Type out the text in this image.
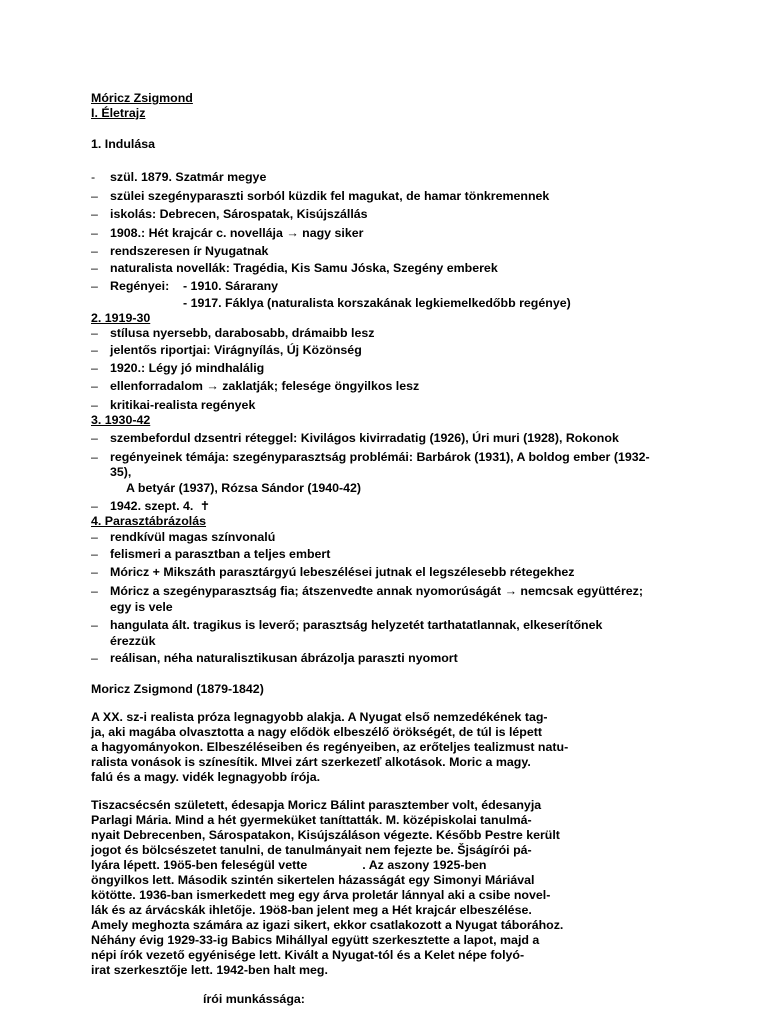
Móricz Zsigmond
I. Életrajz
1. Indulása
- szül. 1879. Szatmár megye
– szülei szegényparaszti sorból küzdik fel magukat, de hamar tönkremennek
– iskolás: Debrecen, Sárospatak, Kisújszállás
– 1908.: Hét krajcár c. novellája → nagy siker
– rendszeresen ír Nyugatnak
– naturalista novellák: Tragédia, Kis Samu Jóska, Szegény emberek
– Regényei:    - 1910. Sárarany
- 1917. Fáklya (naturalista korszakának legkiemelkedőbb regénye)
2. 1919-30
– stílusa nyersebb, darabosabb, drámaibb lesz
– jelentős riportjai: Virágnyílás, Új Közönség
– 1920.: Légy jó mindhalálig
– ellenforradalom → zaklatják; felesége öngyilkos lesz
– kritikai-realista regények
3. 1930-42
– szembefordul dzsentri réteggel: Kivilágos kivirradatig (1926), Úri muri (1928), Rokonok
– regényeinek témája: szegényparasztság problémái: Barbárok (1931), A boldog ember (1932-
35),
A betyár (1937), Rózsa Sándor (1940-42)
– 1942. szept. 4. ✝
4. Parasztábrázolás
– rendkívül magas színvonalú
– felismeri a parasztban a teljes embert
– Móricz + Mikszáth parasztárgyú lebeszélései jutnak el legszélesebb rétegekhez
– Móricz a szegényparasztság fia; átszenvedte annak nyomorúságát → nemcsak együttérez;
egy is vele
– hangulata ált. tragikus is leverő; parasztság helyzetét tarthatatlannak, elkeserítőnek
érezzük
– reálisan, néha naturalisztikusan ábrázolja paraszti nyomort
Moricz Zsigmond (1879-1842)
A XX. sz-i realista próza legnagyobb alakja. A Nyugat első nemzedékének tag-
ja, aki magába olvasztotta a nagy elődök elbeszélő örökségét, de túl is lépett
a hagyományokon. Elbeszéléseiben és regényeiben, az erőteljes tealizmust natu-
ralista vonások is színesítik. MIvei zárt szerkezetľ alkotások. Moric a magy.
falú és a magy. vidék legnagyobb írója.
Tiszacsécsén született, édesapja Moricz Bálint parasztember volt, édesanyja
Parlagi Mária. Mind a hét gyermeküket taníttatták. M. középiskolai tanulmá-
nyait Debrecenben, Sárospatakon, Kisújszáláson végezte. Később Pestre került
jogot és bölcsészetet tanulni, de tanulmányait nem fejezte be. Šjságírói pá-
lyára lépett. 19ö5-ben feleségül vette                . Az aszony 1925-ben
öngyilkos lett. Második szintén sikertelen házasságát egy Simonyi Máriával
kötötte. 1936-ban ismerkedett meg egy árva proletár lánnyal aki a csibe novel-
lák és az árvácskák ihletője. 19ö8-ban jelent meg a Hét krajcár elbeszélése.
Amely meghozta számára az igazi sikert, ekkor csatlakozott a Nyugat táborához.
Néhány évig 1929-33-ig Babics Mihállyal együtt szerkesztette a lapot, majd a
népi írók vezető egyénisége lett. Kivált a Nyugat-tól és a Kelet népe folyó-
irat szerkesztője lett. 1942-ben halt meg.
írói munkássága:
